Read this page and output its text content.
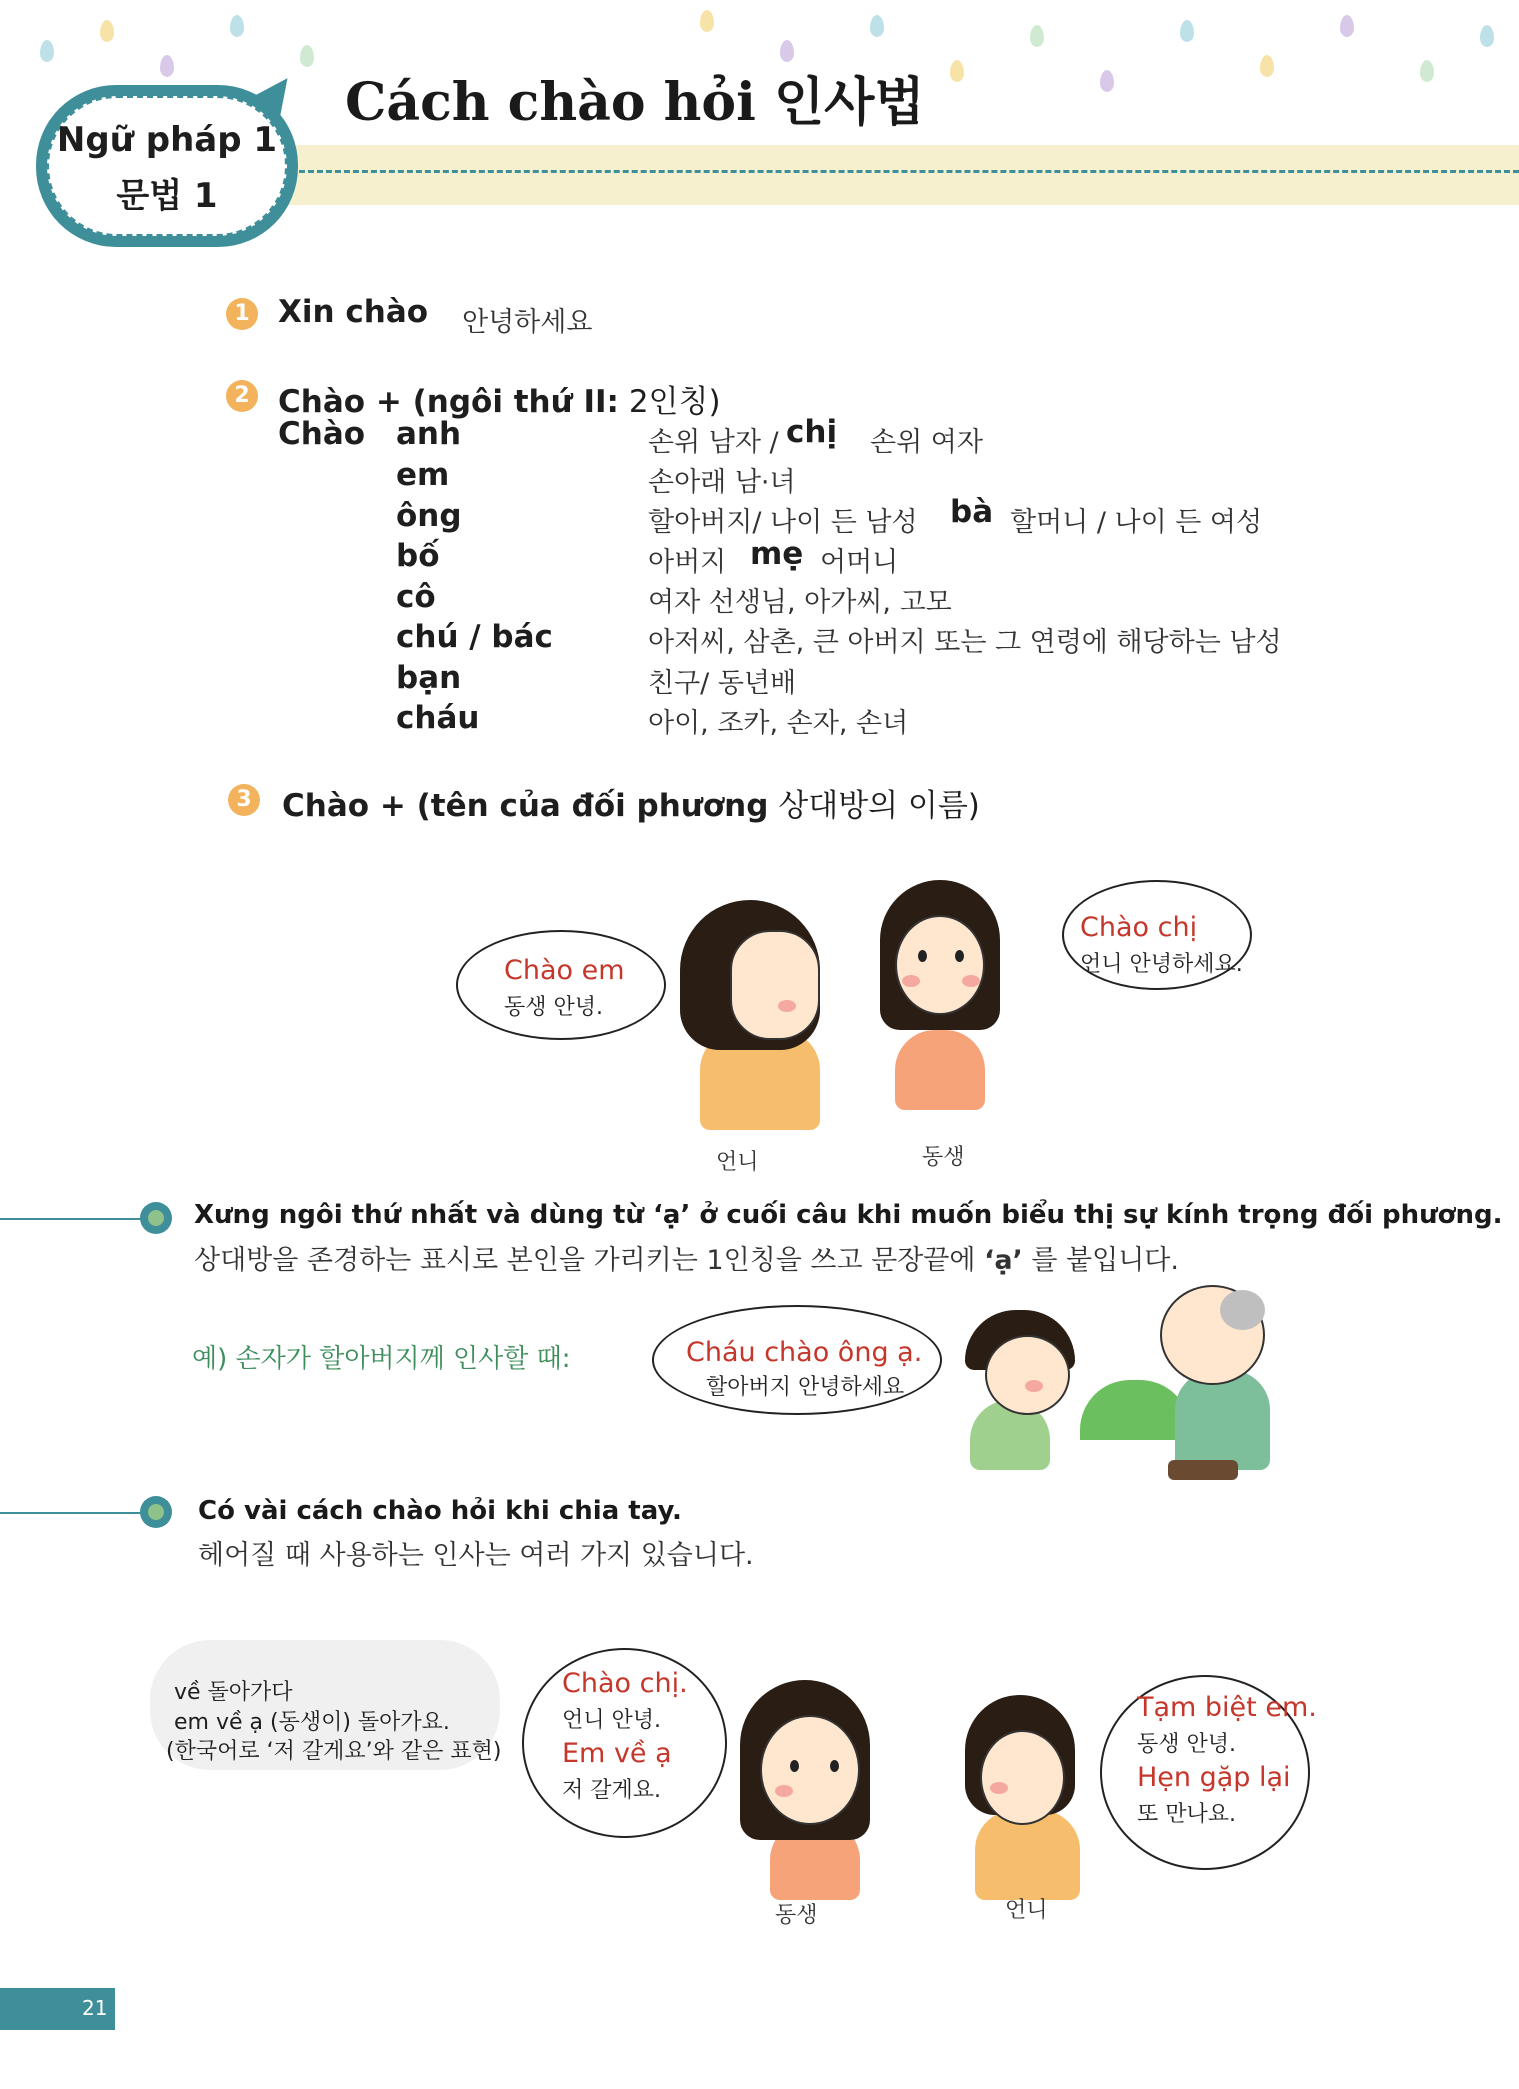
Cách chào hỏi 인사법
Ngữ pháp 1
문법 1
1 Xin chào 안녕하세요
2 Chào + (ngôi thứ II: 2인칭)
Chào anh	손위 남자 / chị 손위 여자
em	손아래 남·녀
ông	할아버지/ 나이 든 남성 bà 할머니 / 나이 든 여성
bố	아버지 mẹ 어머니
cô	여자 선생님, 아가씨, 고모
chú / bác	아저씨, 삼촌, 큰 아버지 또는 그 연령에 해당하는 남성
bạn	친구/ 동년배
cháu	아이, 조카, 손자, 손녀
3 Chào + (tên của đối phương 상대방의 이름)
Chào em
동생 안녕.
Chào chị
언니 안녕하세요.
언니	동생
Xưng ngôi thứ nhất và dùng từ ‘ạ’ ở cuối câu khi muốn biểu thị sự kính trọng đối phương.
상대방을 존경하는 표시로 본인을 가리키는 1인칭을 쓰고 문장끝에 ‘ạ’ 를 붙입니다.
예) 손자가 할아버지께 인사할 때:	Cháu chào ông ạ.
할아버지 안녕하세요
Có vài cách chào hỏi khi chia tay.
헤어질 때 사용하는 인사는 여러 가지 있습니다.
về 돌아가다
em về ạ (동생이) 돌아가요.
(한국어로 ‘저 갈게요’와 같은 표현)
Chào chị.
언니 안녕.
Em về ạ
저 갈게요.
Tạm biệt em.
동생 안녕.
Hẹn gặp lại
또 만나요.
동생	언니
21
